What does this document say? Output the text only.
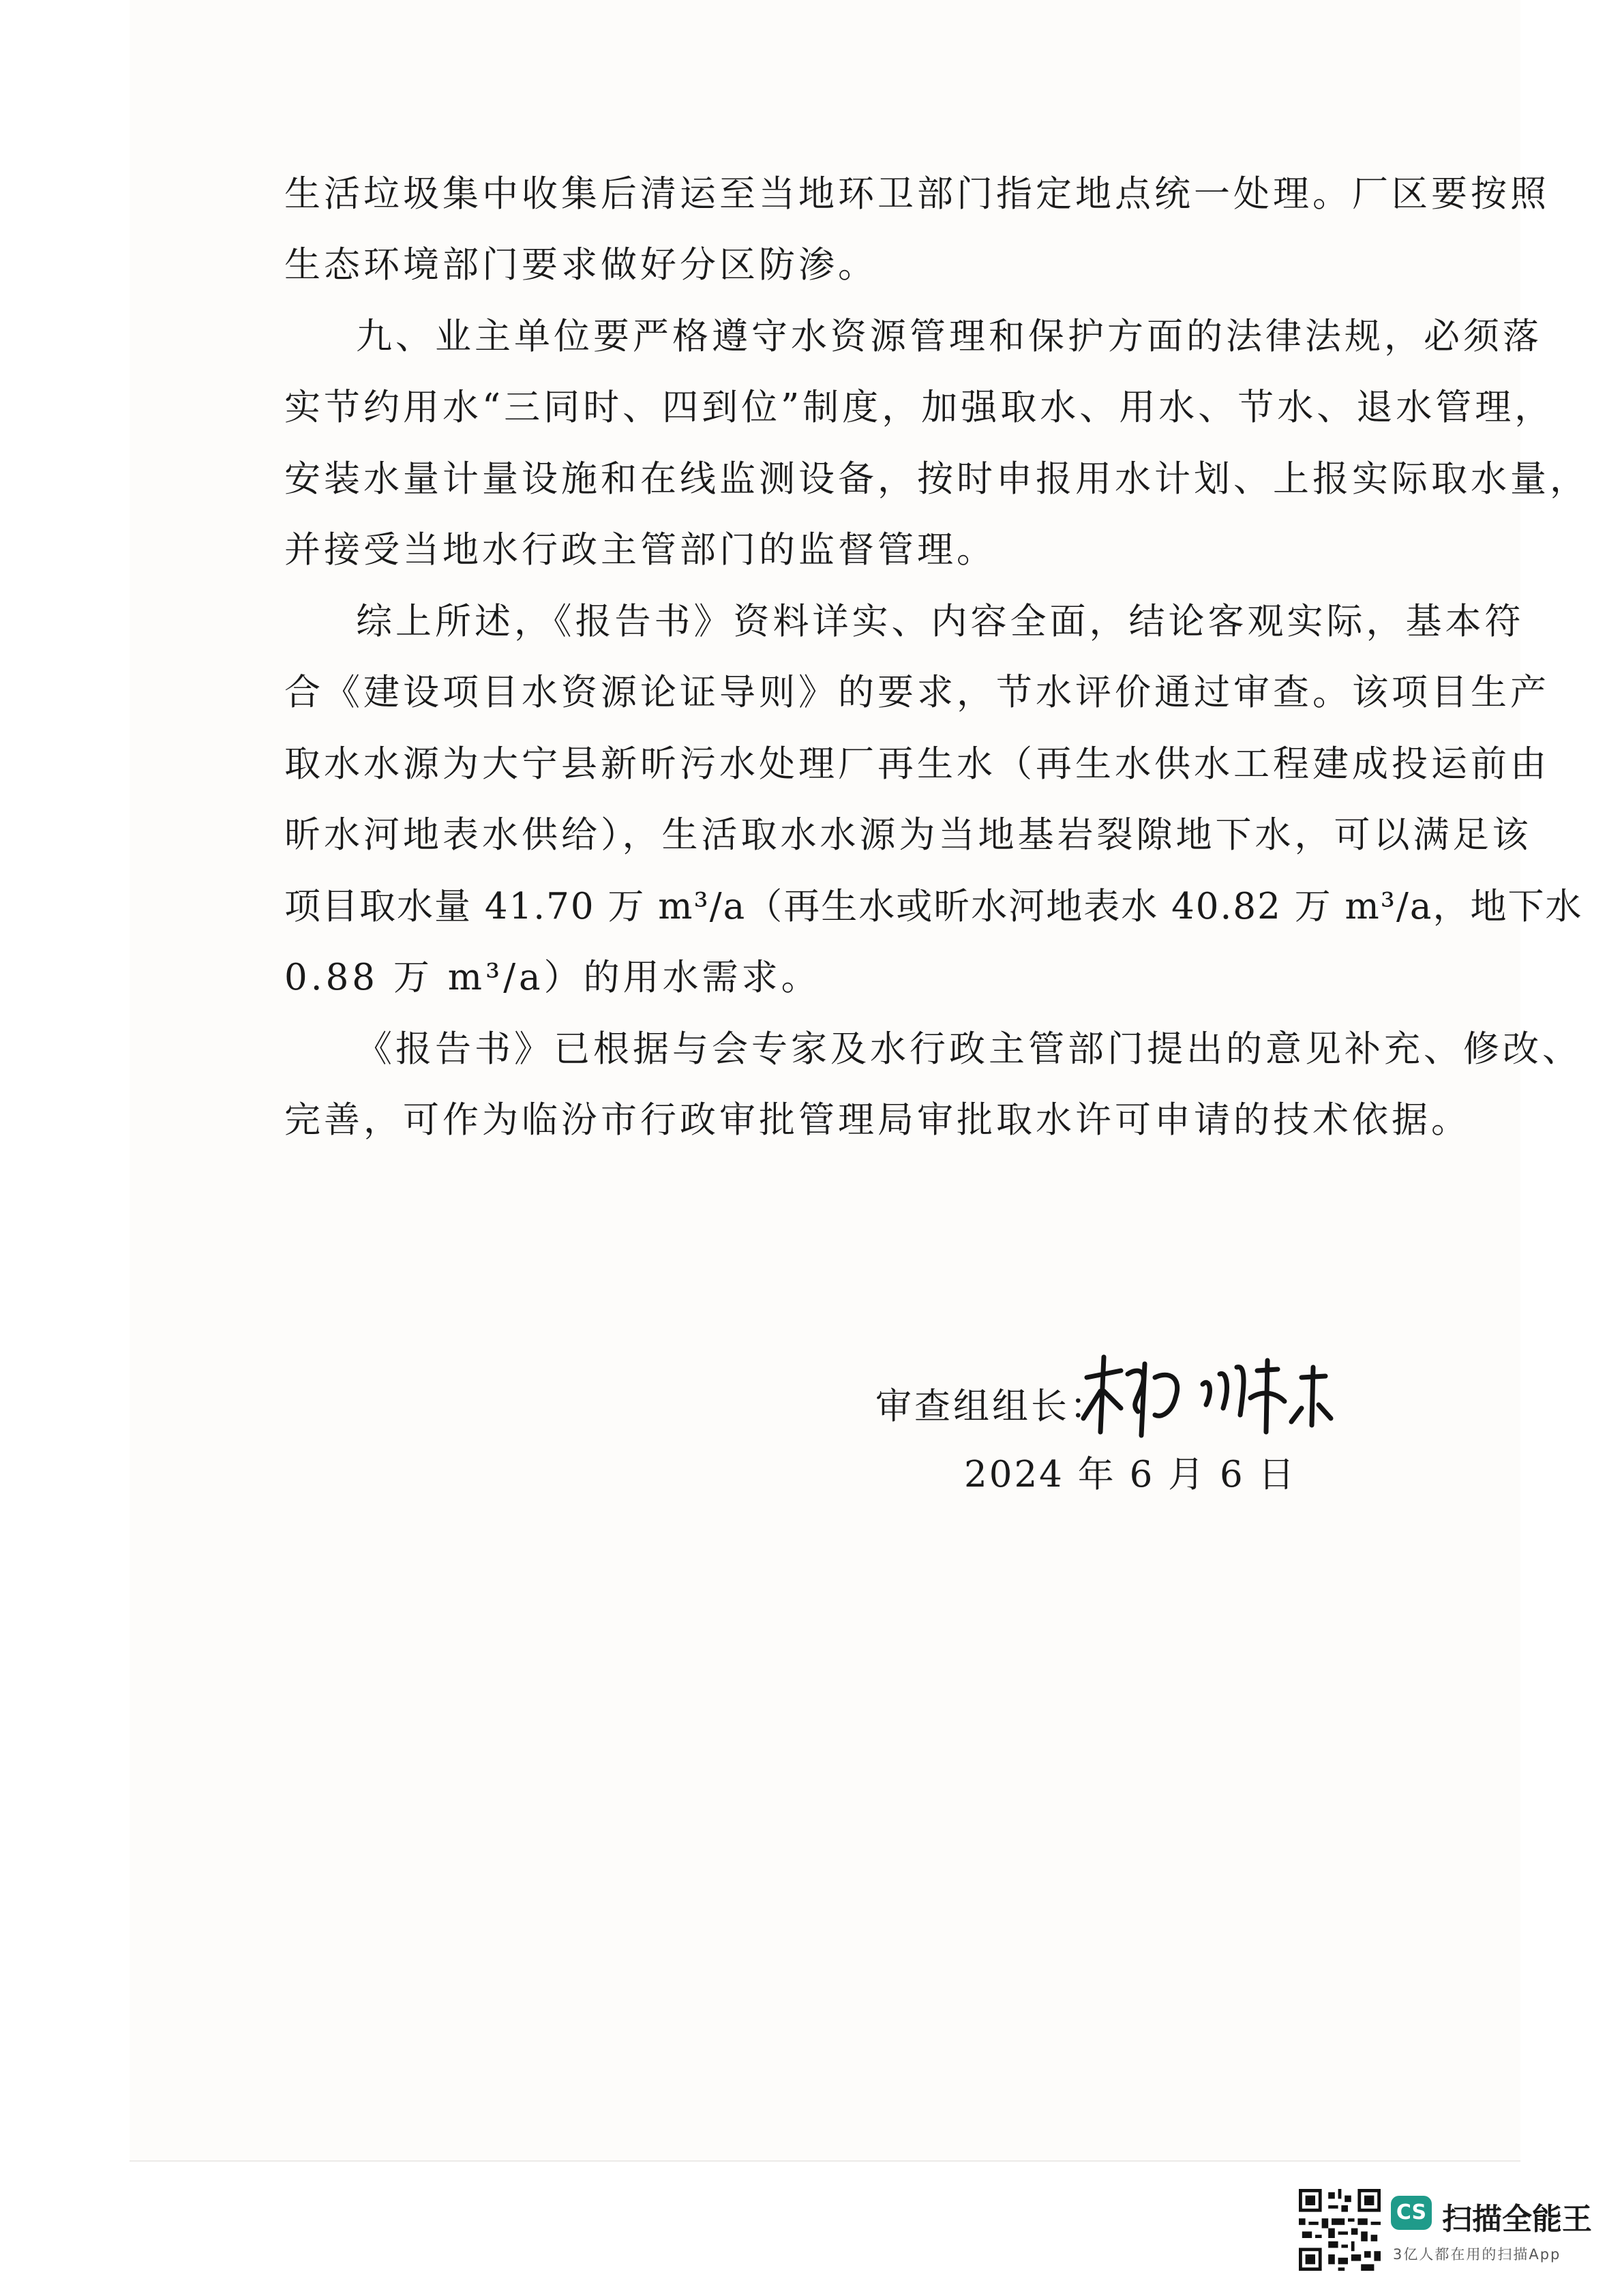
生活垃圾集中收集后清运至当地环卫部门指定地点统一处理。厂区要按照
生态环境部门要求做好分区防渗。
九、业主单位要严格遵守水资源管理和保护方面的法律法规，必须落
实节约用水“三同时、四到位”制度，加强取水、用水、节水、退水管理，
安装水量计量设施和在线监测设备，按时申报用水计划、上报实际取水量，
并接受当地水行政主管部门的监督管理。
综上所述，《报告书》资料详实、内容全面，结论客观实际，基本符
合《建设项目水资源论证导则》的要求，节水评价通过审查。该项目生产
取水水源为大宁县新昕污水处理厂再生水（再生水供水工程建成投运前由
昕水河地表水供给），生活取水水源为当地基岩裂隙地下水，可以满足该
项目取水量 41.70 万 m³/a（再生水或昕水河地表水 40.82 万 m³/a，地下水
0.88 万 m³/a）的用水需求。
《报告书》已根据与会专家及水行政主管部门提出的意见补充、修改、
完善，可作为临汾市行政审批管理局审批取水许可申请的技术依据。
审查组组长：
2024 年 6 月 6 日
CS 扫描全能王
3亿人都在用的扫描App
